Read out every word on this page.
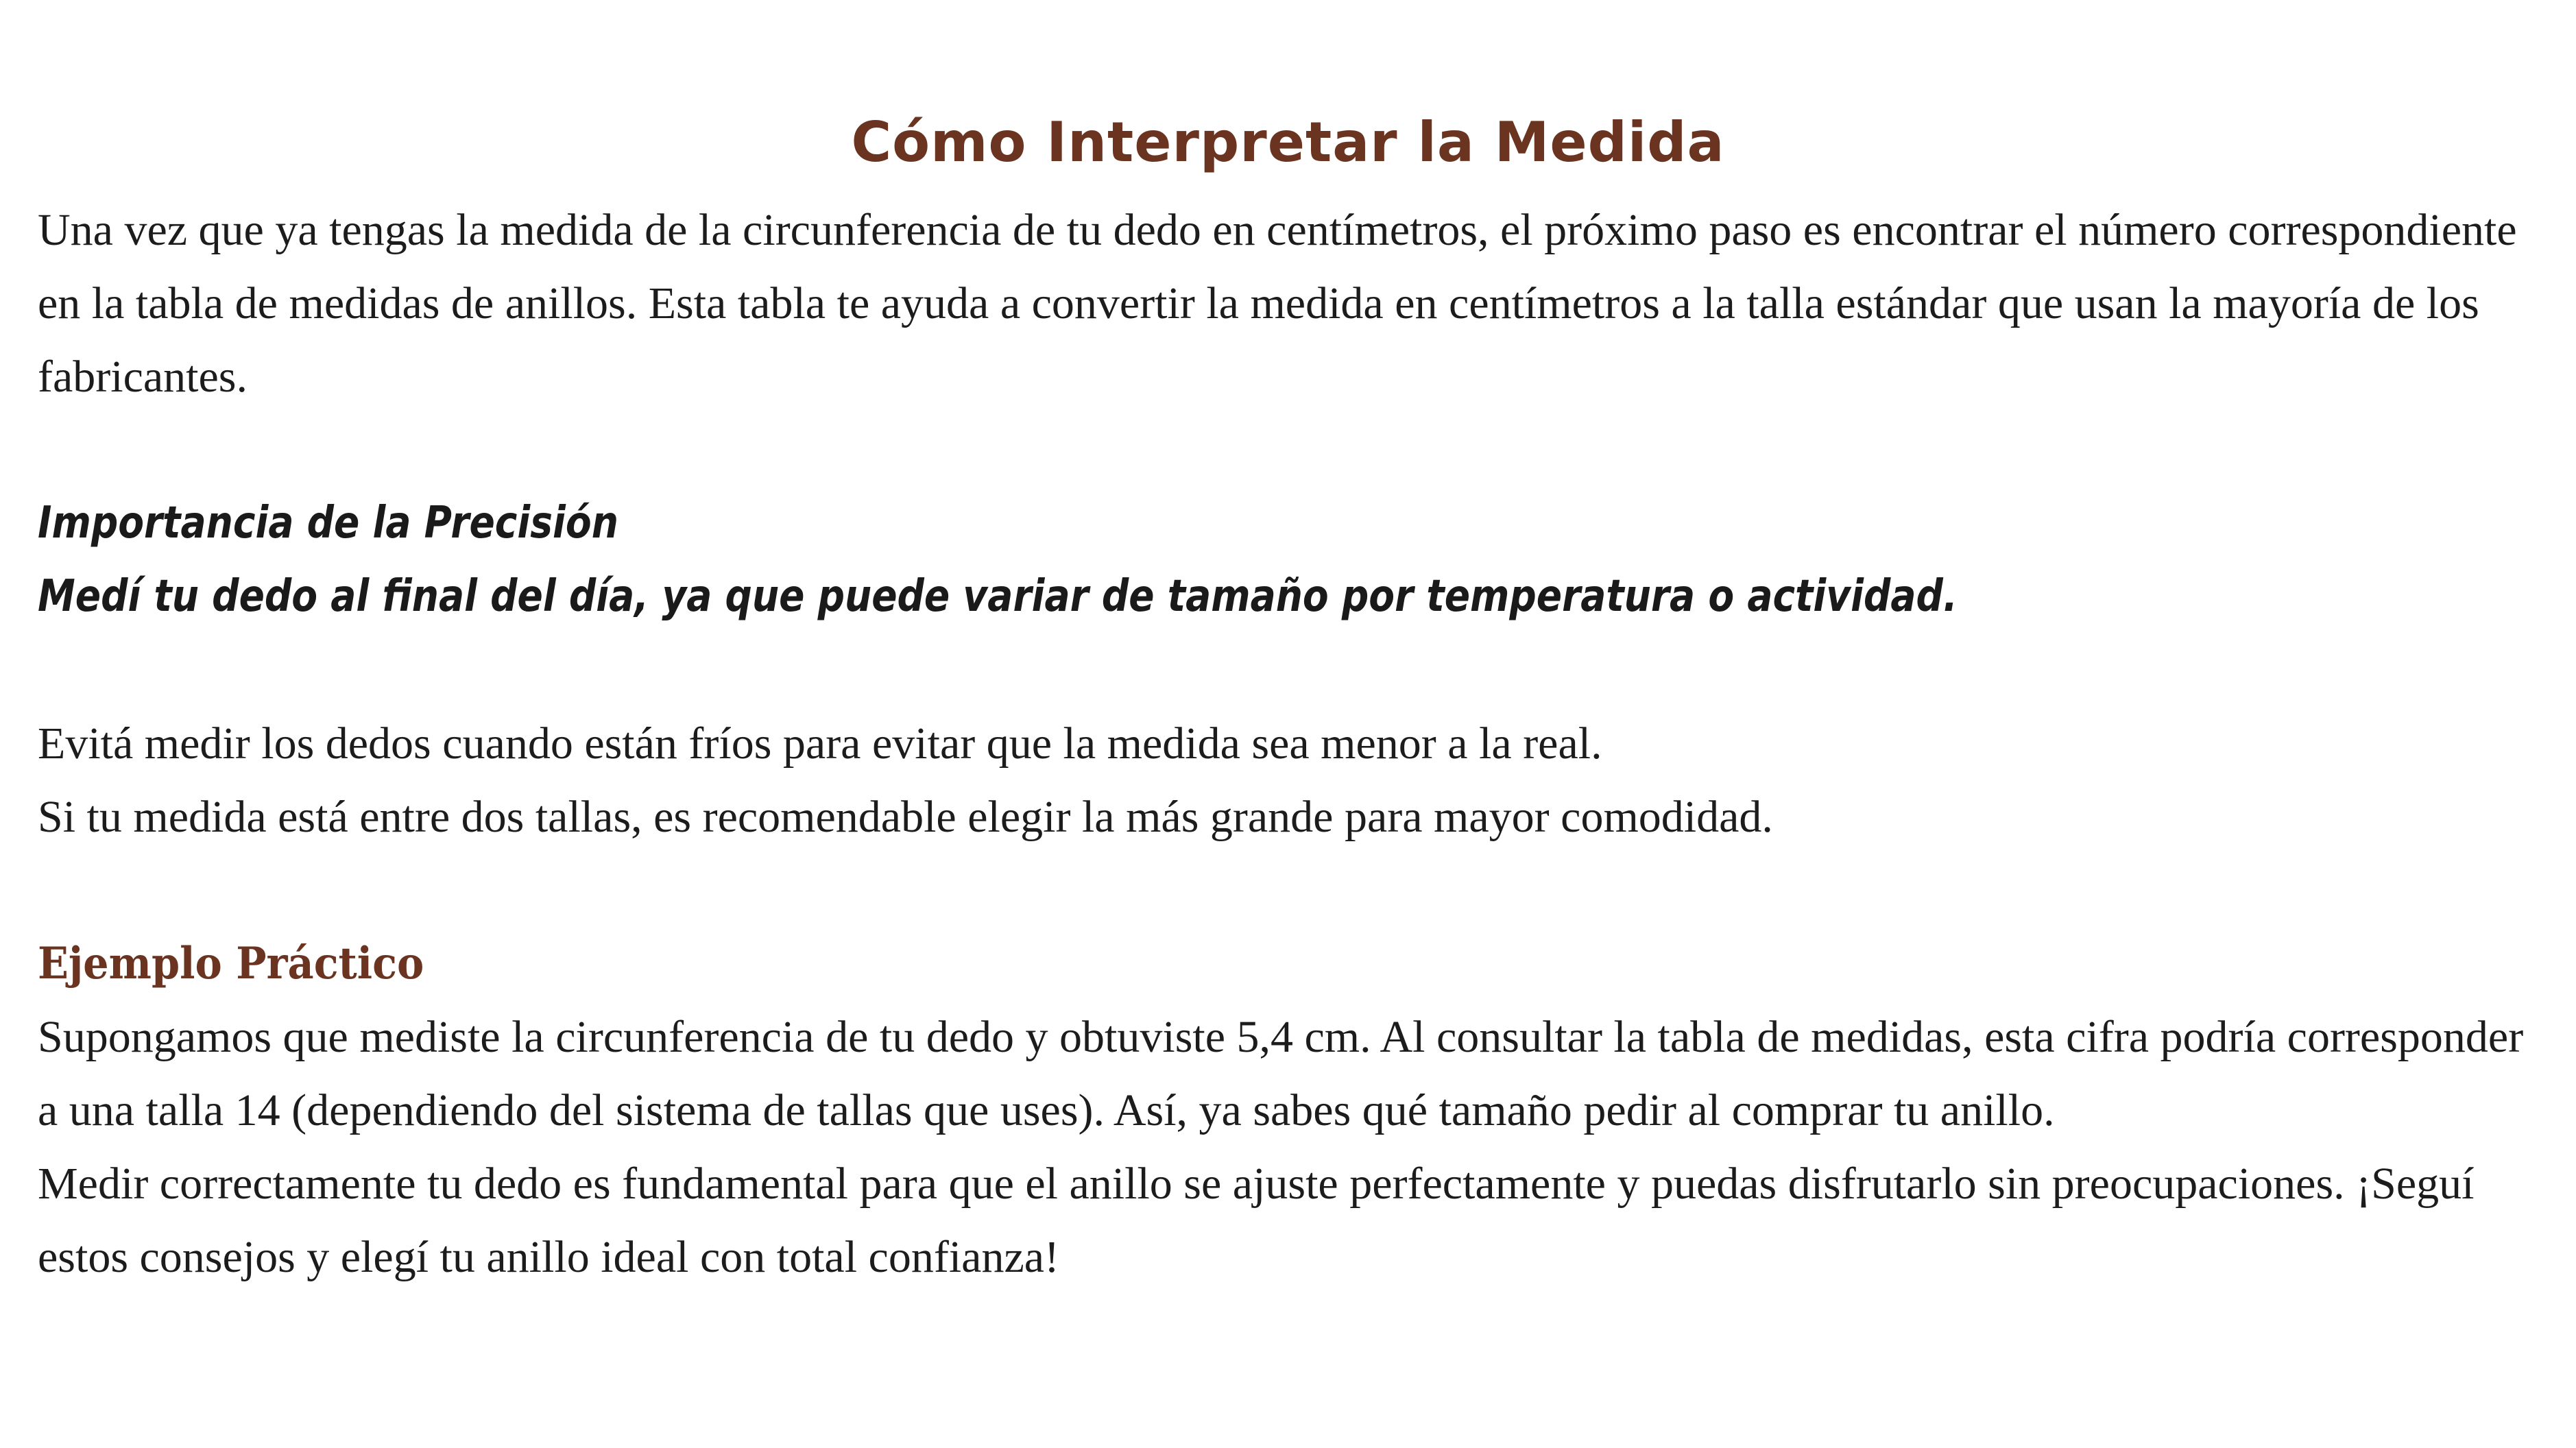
Cómo Interpretar la Medida

Una vez que ya tengas la medida de la circunferencia de tu dedo en centímetros, el próximo paso es encontrar el número correspondiente en la tabla de medidas de anillos. Esta tabla te ayuda a convertir la medida en centímetros a la talla estándar que usan la mayoría de los fabricantes.

Importancia de la Precisión

Medí tu dedo al final del día, ya que puede variar de tamaño por temperatura o actividad.

Evitá medir los dedos cuando están fríos para evitar que la medida sea menor a la real.

Si tu medida está entre dos tallas, es recomendable elegir la más grande para mayor comodidad.

Ejemplo Práctico

Supongamos que mediste la circunferencia de tu dedo y obtuviste 5,4 cm. Al consultar la tabla de medidas, esta cifra podría corresponder a una talla 14 (dependiendo del sistema de tallas que uses). Así, ya sabes qué tamaño pedir al comprar tu anillo.

Medir correctamente tu dedo es fundamental para que el anillo se ajuste perfectamente y puedas disfrutarlo sin preocupaciones. ¡Seguí estos consejos y elegí tu anillo ideal con total confianza!
